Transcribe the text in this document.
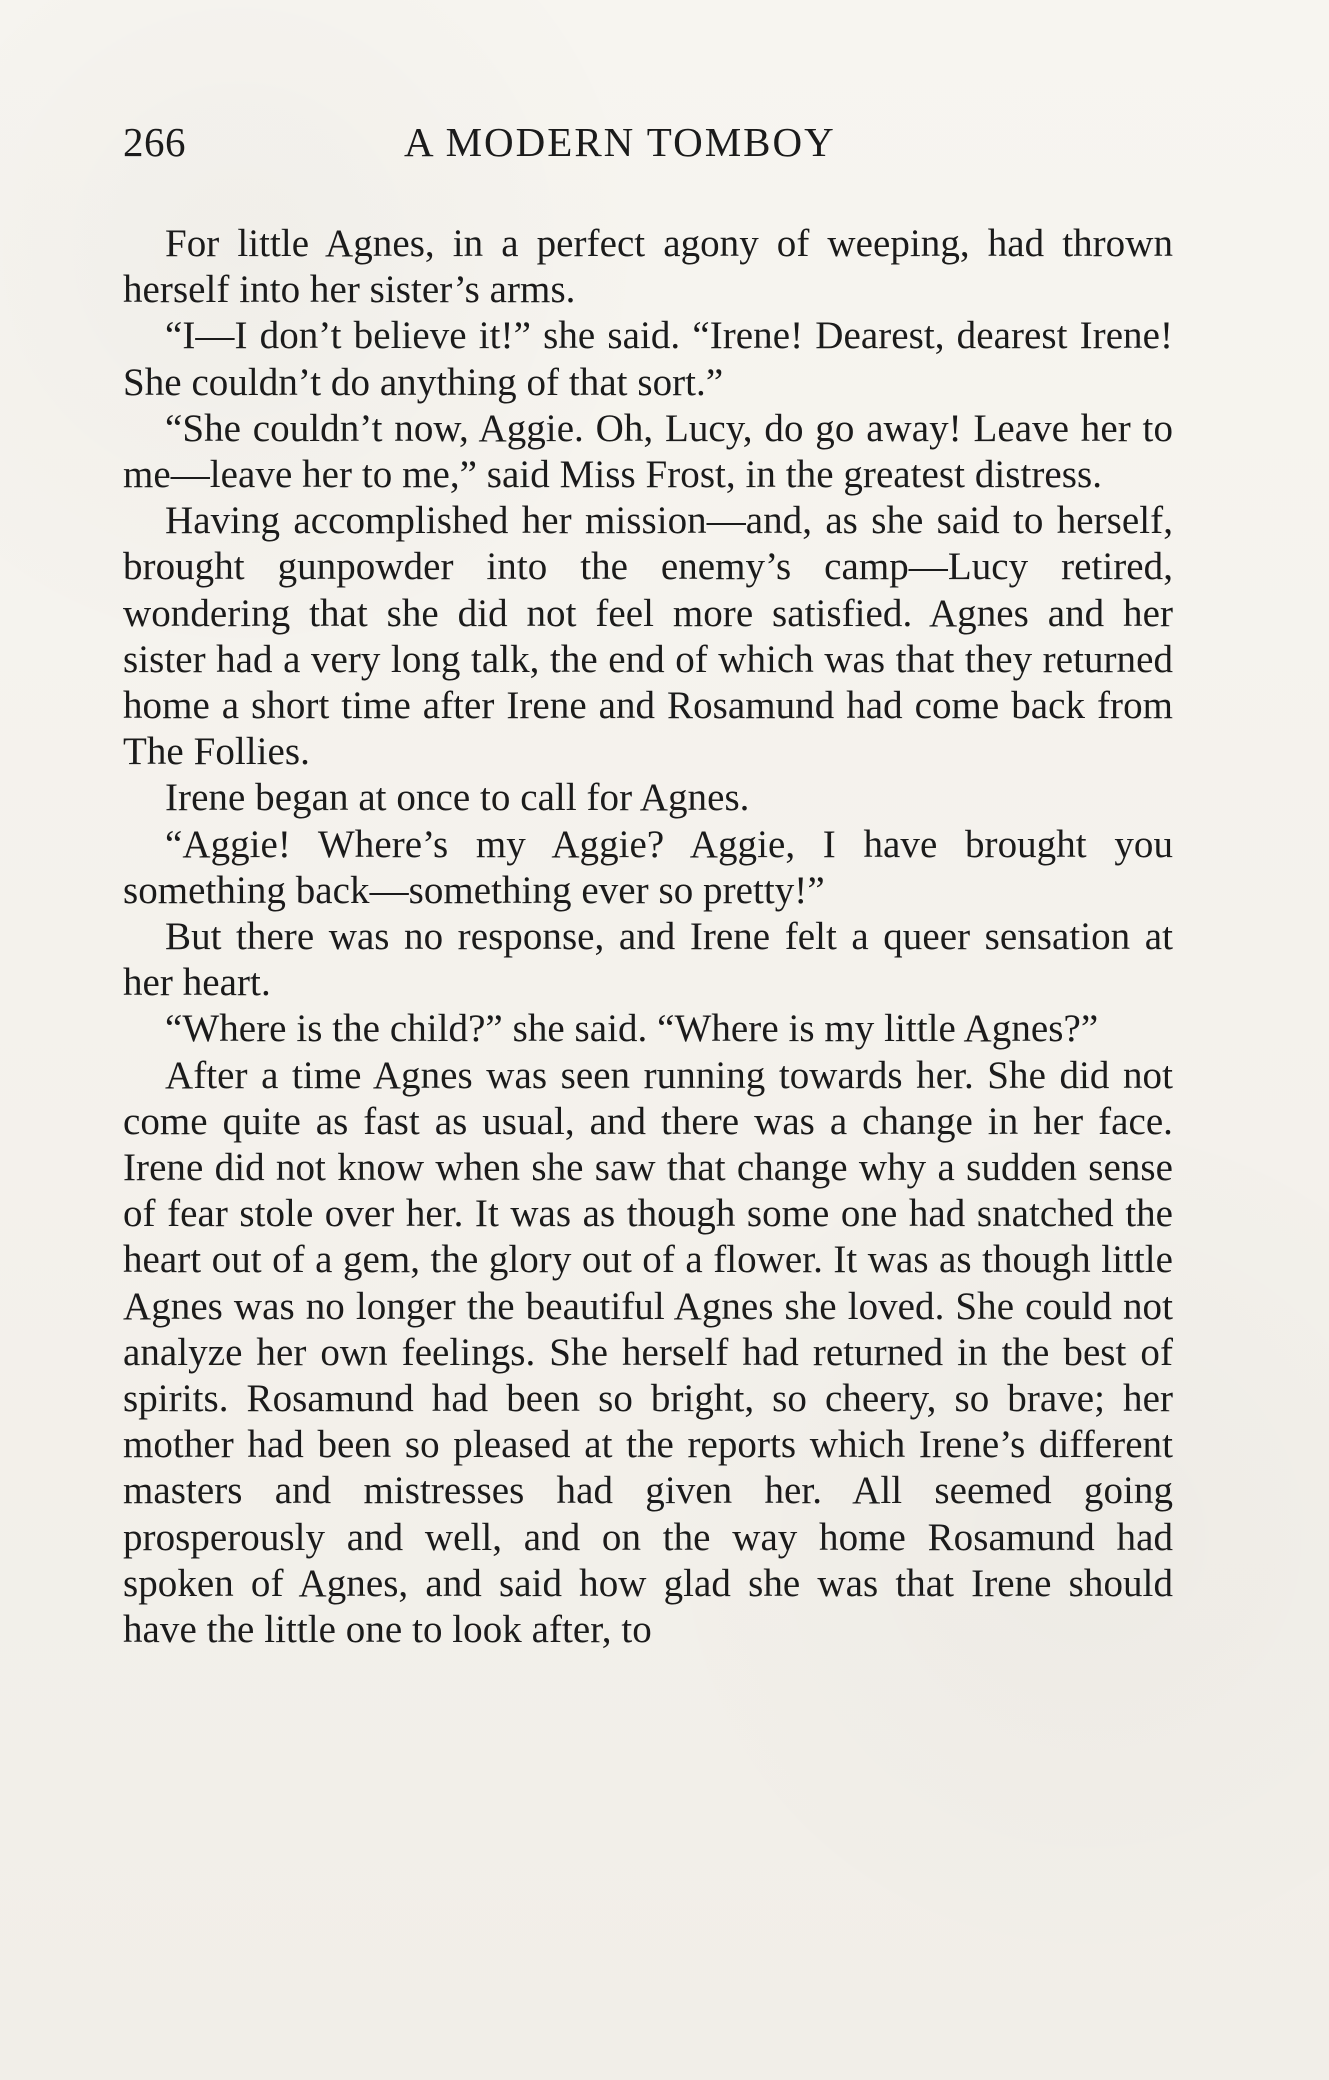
266	A MODERN TOMBOY

For little Agnes, in a perfect agony of weeping, had thrown herself into her sister’s arms.

“I—I don’t believe it!” she said. “Irene! Dearest, dearest Irene! She couldn’t do anything of that sort.”

“She couldn’t now, Aggie. Oh, Lucy, do go away! Leave her to me—leave her to me,” said Miss Frost, in the greatest distress.

Having accomplished her mission—and, as she said to herself, brought gunpowder into the enemy’s camp—Lucy retired, wondering that she did not feel more satisfied. Agnes and her sister had a very long talk, the end of which was that they returned home a short time after Irene and Rosamund had come back from The Follies.

Irene began at once to call for Agnes.

“Aggie! Where’s my Aggie? Aggie, I have brought you something back—something ever so pretty!”

But there was no response, and Irene felt a queer sensation at her heart.

“Where is the child?” she said. “Where is my little Agnes?”

After a time Agnes was seen running towards her. She did not come quite as fast as usual, and there was a change in her face. Irene did not know when she saw that change why a sudden sense of fear stole over her. It was as though some one had snatched the heart out of a gem, the glory out of a flower. It was as though little Agnes was no longer the beautiful Agnes she loved. She could not analyze her own feelings. She herself had returned in the best of spirits. Rosamund had been so bright, so cheery, so brave; her mother had been so pleased at the reports which Irene’s different masters and mistresses had given her. All seemed going prosperously and well, and on the way home Rosamund had spoken of Agnes, and said how glad she was that Irene should have the little one to look after, to
